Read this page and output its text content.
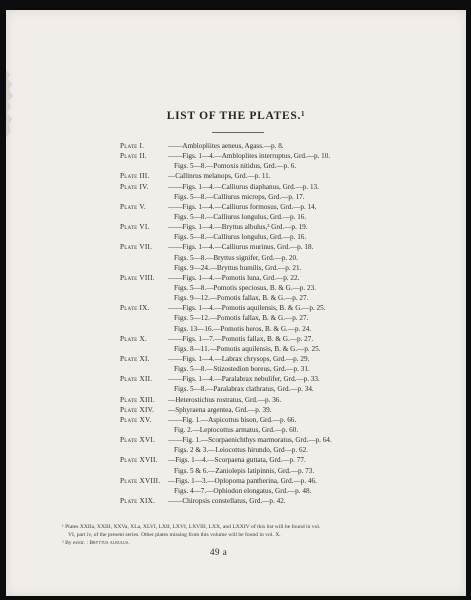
LIST OF THE PLATES.¹
Plate I.	——Amblopliites aeneus, Agass.—p. 8.
Plate II.	——Figs. 1—4.—Ambloplites interruptus, Grd.—p. 10.
Figs. 5—8.—Pomoxis nitidus, Grd.—p. 6.
Plate III.	—Callinrus melanops, Grd.—p. 11.
Plate IV.	——Figs. 1—4.—Calliurus diaphanus, Grd.—p. 13.
Figs. 5—8.—Calliurus microps, Grd.—p. 17.
Plate V.	——Figs. 1—4.—Calliurus formosus, Grd.—p. 14.
Figs. 5—8.—Calliurus longulus, Grd.—p. 16.
Plate VI.	——Figs. 1—4.—Bryttus albulus,² Grd.—p. 19.
Figs. 5—8.—Calliurus longulus, Grd.—p. 16.
Plate VII. ——Figs. 1—4.—Calliurus murinus, Grd.—p. 18.
Figs. 5—8.—Bryttus signifer, Grd.—p. 20.
Figs. 9—24.—Bryttus humilis, Grd.—p. 21.
Plate VIII. ——Figs. 1—4.—Pomotis luna, Grd.—p. 22.
Figs. 5—8.—Pomotis speciosus, B. & G.—p. 23.
Figs. 9—12.—Pomotis fallax, B. & G.—p. 27.
Plate IX.	——Figs. 1—4.—Pomotis aquilensis, B. & G.—p. 25.
Figs. 5—12.—Pomotis fallax, B. & G.—p. 27.
Figs. 13—16.—Pomotis heros, B. & G.—p. 24.
Plate X.	——Figs. 1—7.—Pomotis fallax, B. & G.—p. 27.
Figs. 8—11.—Pomotis aquilensis, B. & G.—p. 25.
Plate XI.	——Figs. 1—4.—Labrax chrysops, Grd.—p. 29.
Figs. 5—8.—Stizostedion boreus, Grd.—p. 31.
Plate XII. ——Figs. 1—4.—Paralabrax nebulifer, Grd.—p. 33.
Figs. 5—8.—Paralabrax clathratus, Grd.—p. 34.
Plate XIII. —Heterostichus rostratus, Grd.—p. 36.
Plate XIV. —Sphyraena argentea, Grd.—p. 39.
Plate XV. ——Fig. 1.—Aspicottus bison, Grd.—p. 66.
Fig. 2.—Leptocottus armatus, Grd.—p. 60.
Plate XVI. ——Fig. 1.—Scorpaenichthys marmoratus, Grd.—p. 64.
Figs. 2 & 3.—Leiocottus hirundo, Grd—p. 62.
Plate XVII. —Figs. 1—4.—Scorpaena guttata, Grd.—p. 77.
Figs. 5 & 6.—Zaniolepis latipinnis, Grd.—p. 73.
Plate XVIII. —Figs. 1—3.—Oplopoma pantherina, Grd.—p. 46.
Figs. 4—7.—Ophiodon elongatus, Grd.—p. 48.
Plate XIX. ——Chiropsis constellatus, Grd.—p. 42.

¹ Plates XXIIa, XXIII, XXVa, XLa, XLVI, LXII, LXVI, LXVIII, LXX, and LXXIV of this list will be found in vol.

VI, part iv, of the present series. Other plates missing from this volume will be found in vol. X.

² By error. : Bryttus albulus.

49 a
